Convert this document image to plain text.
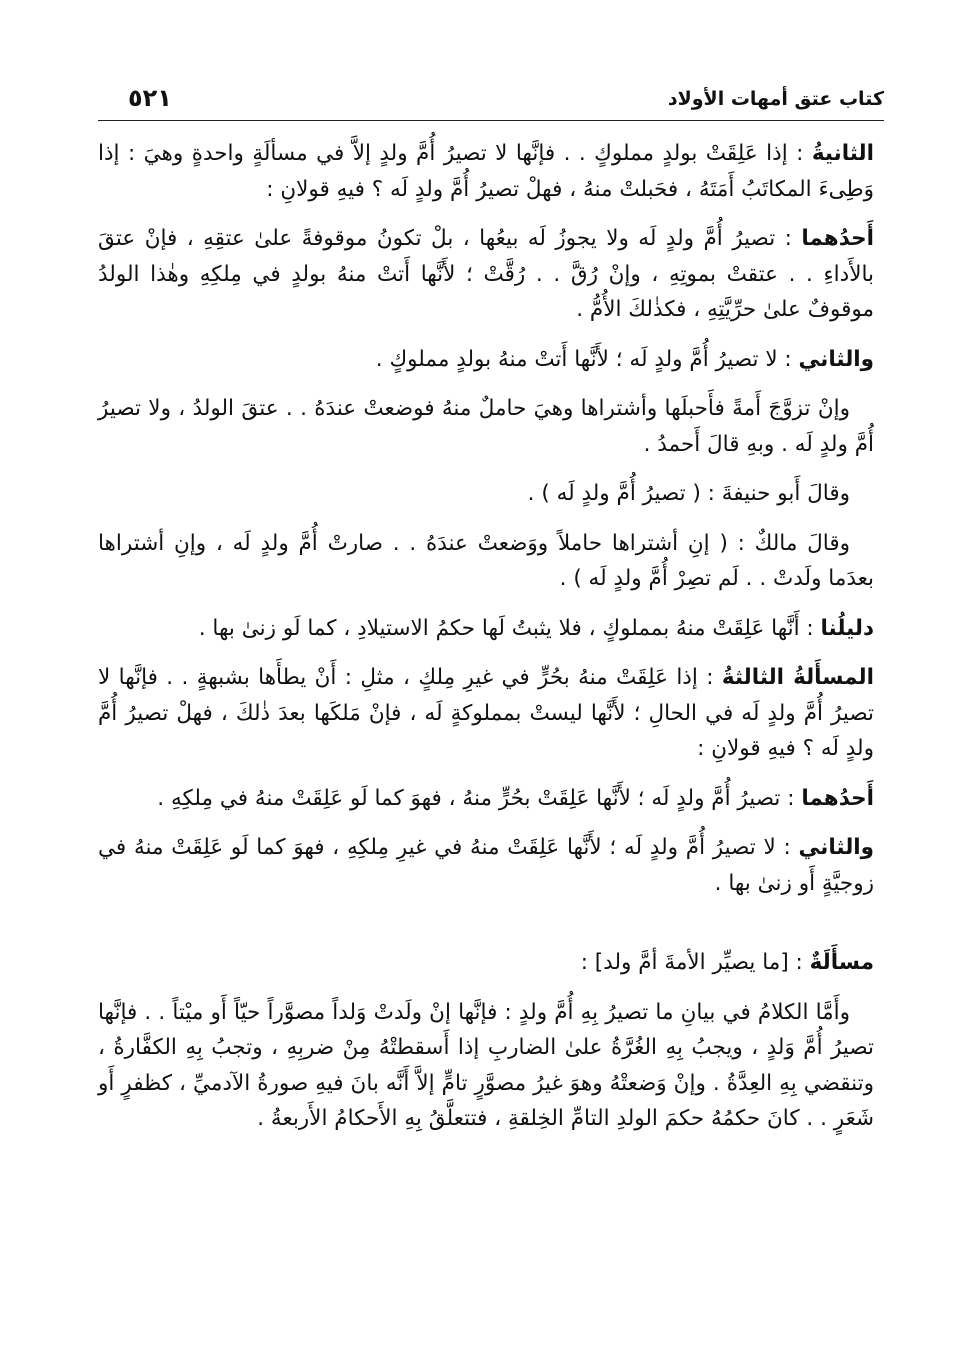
كتاب عتق أمهات الأولاد
٥٢١

الثانيةُ : إذا عَلِقَتْ بولدٍ مملوكٍ . . فإنَّها لا تصيرُ أُمَّ ولدٍ إلاَّ في مسألَةٍ واحدةٍ وهيَ : إذا وَطِىءَ المكاتَبُ أَمَتَهُ ، فحَبلتْ منهُ ، فهلْ تصيرُ أُمَّ ولدٍ لَه ؟ فيهِ قولانِ :

أَحدُهما : تصيرُ أُمَّ ولدٍ لَه ولا يجوزُ لَه بيعُها ، بلْ تكونُ موقوفةً علىٰ عتقِهِ ، فإنْ عتقَ بالأَداءِ . . عتقتْ بموتِهِ ، وإنْ رُقَّ . . رُقَّتْ ؛ لأَنَّها أَتتْ منهُ بولدٍ في مِلكِهِ وهٰذا الولدُ موقوفٌ علىٰ حرِّيَّتِهِ ، فكذٰلكَ الأُمُّ .

والثاني : لا تصيرُ أُمَّ ولدٍ لَه ؛ لأَنَّها أَتتْ منهُ بولدٍ مملوكٍ .

وإنْ تزوَّجَ أَمةً فأَحبلَها وأشتراها وهيَ حاملٌ منهُ فوضعتْ عندَهُ . . عتقَ الولدُ ، ولا تصيرُ أُمَّ ولدٍ لَه . وبهِ قالَ أَحمدُ .

وقالَ أَبو حنيفةَ : ( تصيرُ أُمَّ ولدٍ لَه ) .

وقالَ مالكٌ : ( إنِ أشتراها حاملاً ووَضعتْ عندَهُ . . صارتْ أُمَّ ولدٍ لَه ، وإنِ أشتراها بعدَما ولَدتْ . . لَم تصِرْ أُمَّ ولدٍ لَه ) .

دليلُنا : أَنَّها عَلِقَتْ منهُ بمملوكٍ ، فلا يثبتُ لَها حكمُ الاستيلادِ ، كما لَو زنىٰ بها .

المسأَلةُ الثالثةُ : إذا عَلِقَتْ منهُ بحُرٍّ في غيرِ مِلكٍ ، مثلِ : أَنْ يطأَها بشبهةٍ . . فإنَّها لا تصيرُ أُمَّ ولدٍ لَه في الحالِ ؛ لأَنَّها ليستْ بمملوكةٍ لَه ، فإنْ مَلكَها بعدَ ذٰلكَ ، فهلْ تصيرُ أُمَّ ولدٍ لَه ؟ فيهِ قولانِ :

أَحدُهما : تصيرُ أُمَّ ولدٍ لَه ؛ لأَنَّها عَلِقَتْ بحُرٍّ منهُ ، فهوَ كما لَو عَلِقَتْ منهُ في مِلكِهِ .

والثاني : لا تصيرُ أُمَّ ولدٍ لَه ؛ لأَنَّها عَلِقَتْ منهُ في غيرِ مِلكِهِ ، فهوَ كما لَو عَلِقَتْ منهُ في زوجيَّةٍ أَو زنىٰ بها .

مسأَلَةٌ : [ما يصيِّر الأمةَ أمَّ ولد] :

وأَمَّا الكلامُ في بيانِ ما تصيرُ بِهِ أُمَّ ولدٍ : فإنَّها إنْ ولَدتْ وَلداً مصوَّراً حيّاً أَو ميْتاً . . فإنَّها تصيرُ أُمَّ وَلدٍ ، ويجبُ بِهِ الغُرَّةُ علىٰ الضاربِ إذا أَسقطتْهُ مِنْ ضربِهِ ، وتجبُ بِهِ الكفَّارةُ ، وتنقضي بِهِ العِدَّةُ . وإنْ وَضعتْهُ وهوَ غيرُ مصوَّرٍ تامٍّ إلاَّ أَنَّه بانَ فيهِ صورةُ الآدميِّ ، كظفرٍ أَو شَعَرٍ . . كانَ حكمُهُ حكمَ الولدِ التامِّ الخِلقةِ ، فتتعلَّقُ بِهِ الأَحكامُ الأَربعةُ .
